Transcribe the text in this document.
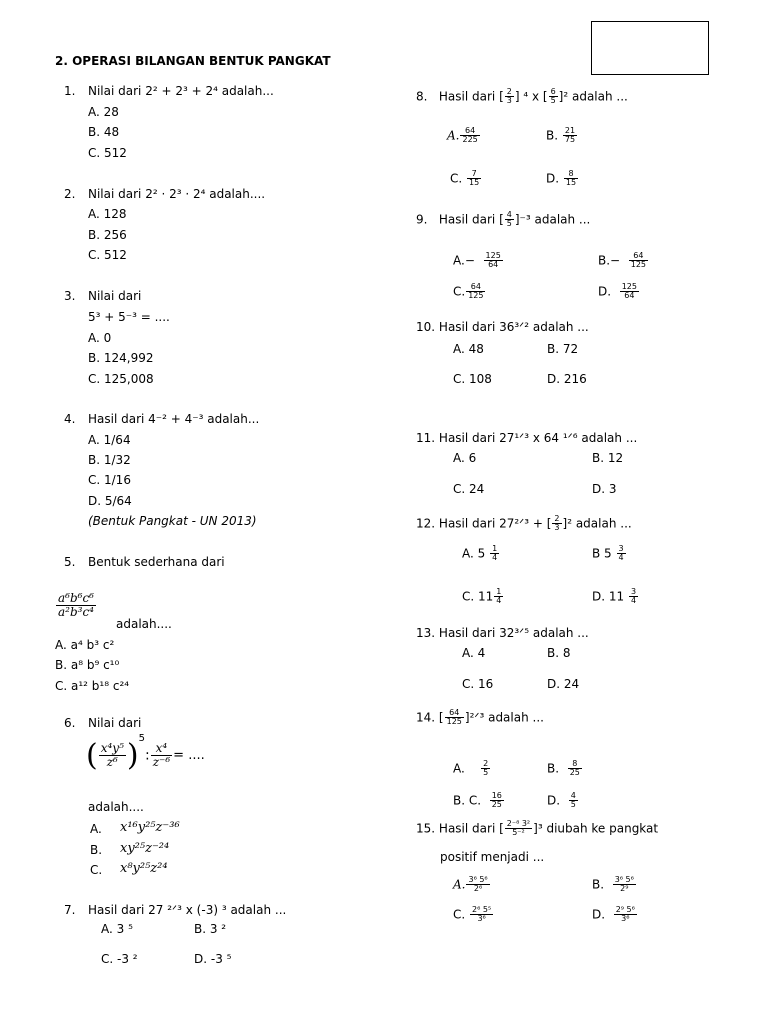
2. OPERASI BILANGAN BENTUK PANGKAT
1. Nilai dari 2² + 2³ + 2⁴ adalah...
A. 28
B. 48
C. 512
2. Nilai dari 2² · 2³ · 2⁴ adalah....
A. 128
B. 256
C. 512
3. Nilai dari
5³ + 5⁻³ = ....
A. 0
B. 124,992
C. 125,008
4. Hasil dari 4⁻² + 4⁻³ adalah...
A. 1/64
B. 1/32
C. 1/16
D. 5/64
(Bentuk Pangkat - UN 2013)
5. Bentuk sederhana dari
$\frac{\text{a⁶b⁶c⁶}}{\text{a²b³c⁴}}$
adalah....
A. a⁴ b³ c²
B. a⁸ b⁹ c¹⁰
C. a¹² b¹⁸ c²⁴
6. Nilai dari
( $\frac{\text{x⁴y⁵}}{\text{z⁶}} )^5$: $\frac{\text{x⁴}}{\text{z⁻⁶}}$ = ....
adalah....
A. x¹⁶y²⁵z⁻³⁶
B. xy²⁵z⁻²⁴
C. x⁸y²⁵z²⁴
7. Hasil dari 27 ²ᐟ³ x (-3) ³ adalah ...
A. 3 ⁵	B. 3 ²
C. -3 ²	D. -3 ⁵
8. Hasil dari [ $\frac{2}{3}$ ] ⁴ x [ $\frac{6}{5} ]^2$ adalah ...
A. $\frac{64}{225}$	B. $\frac{21}{75}$
C. $\frac{7}{15}$	D. $\frac{8}{15}$
9. Hasil dari [ $\frac{4}{5} ]^{-3}$ adalah ...
$A.- \frac{125}{64}$	$B.- \frac{64}{125}$
C. $\frac{64}{125}$	D. $\frac{125}{64}$
10. Hasil dari 36³ᐟ² adalah ...
A. 48	B. 72
C. 108	D. 216
11. Hasil dari 27¹ᐟ³ x 64 ¹ᐟ⁶ adalah ...
A. 6	B. 12
C. 24	D. 3
12. Hasil dari 27²ᐟ³ + [ $\frac{2}{3} ]^2$ adalah ...
A. $5 \frac{1}{4}$	B $5 \frac{3}{4}$
C. $11 \frac{1}{4}$	D. $11 \frac{3}{4}$
13. Hasil dari 32³ᐟ⁵ adalah ...
A. 4	B. 8
C. 16	D. 24
14. [ $\frac{64}{125}$ ]²ᐟ³ adalah ...
A. $\frac{2}{5}$	B. $\frac{8}{25}$
B. C. $\frac{16}{25}$	D. $\frac{4}{5}$
15. Hasil dari [ $\frac{\text{2⁻⁸ 3²}}{\text{5⁻²}} ]^3$ diubah ke pangkat
positif menjadi ...
A. $\frac{\text{3⁶ 5⁶}}{\text{2⁶}}$	B. $\frac{\text{3⁶ 5⁶}}{\text{2⁹}}$
C. $\frac{\text{2⁶ 5⁵}}{\text{3⁶}}$	D. $\frac{\text{2⁹ 5⁶}}{\text{3⁶}}$
